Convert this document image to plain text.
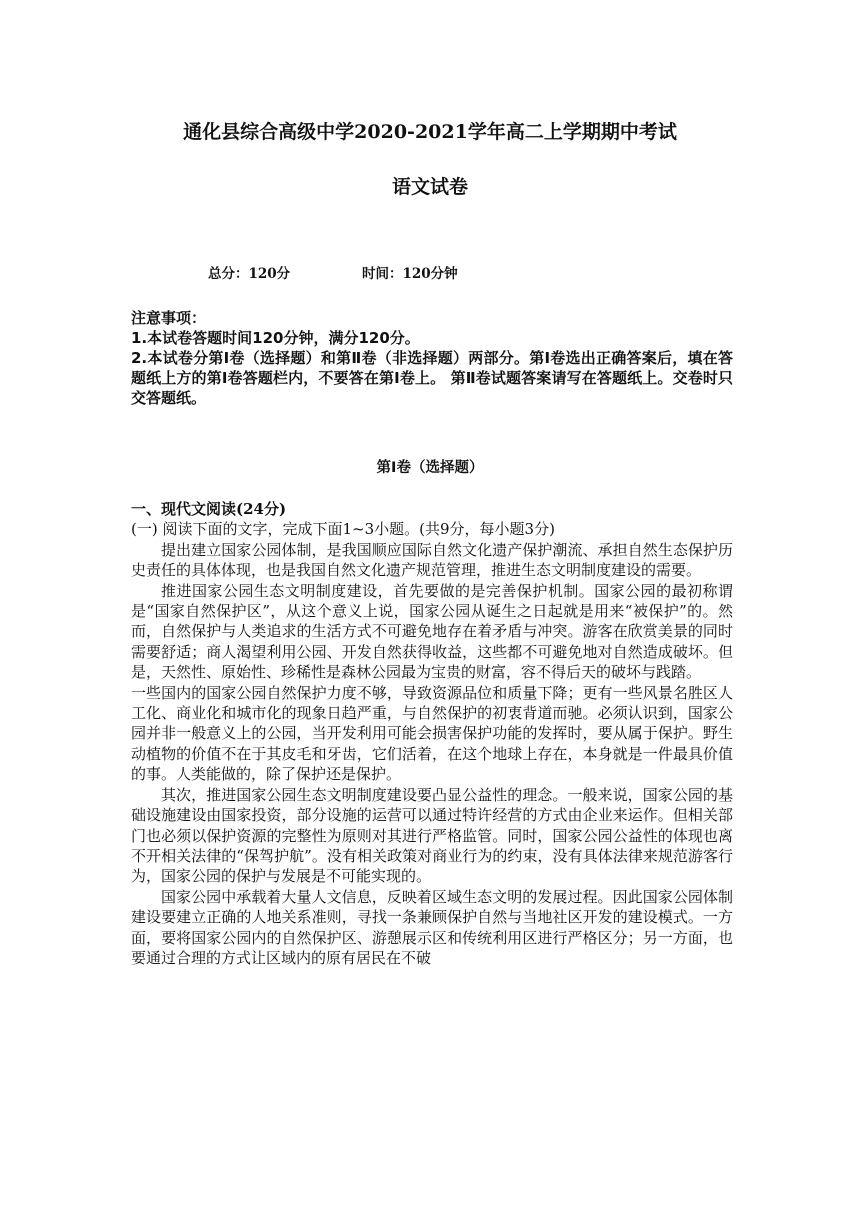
通化县综合高级中学2020-2021学年高二上学期期中考试
语文试卷
总分：120分	时间：120分钟

注意事项：

1.本试卷答题时间120分钟，满分120分。

2.本试卷分第Ⅰ卷（选择题）和第Ⅱ卷（非选择题）两部分。第Ⅰ卷选出正确答案后，填在答题纸上方的第Ⅰ卷答题栏内，不要答在第Ⅰ卷上。 第Ⅱ卷试题答案请写在答题纸上。交卷时只交答题纸。

第Ⅰ卷（选择题）

一、现代文阅读(24分)

(一) 阅读下面的文字，完成下面1~3小题。(共9分，每小题3分)

提出建立国家公园体制，是我国顺应国际自然文化遗产保护潮流、承担自然生态保护历史责任的具体体现，也是我国自然文化遗产规范管理，推进生态文明制度建设的需要。

推进国家公园生态文明制度建设，首先要做的是完善保护机制。国家公园的最初称谓是“国家自然保护区”，从这个意义上说，国家公园从诞生之日起就是用来“被保护”的。然而，自然保护与人类追求的生活方式不可避免地存在着矛盾与冲突。游客在欣赏美景的同时需要舒适；商人渴望利用公园、开发自然获得收益，这些都不可避免地对自然造成破坏。但是，天然性、原始性、珍稀性是森林公园最为宝贵的财富，容不得后天的破坏与践踏。

一些国内的国家公园自然保护力度不够，导致资源品位和质量下降；更有一些风景名胜区人工化、商业化和城市化的现象日趋严重，与自然保护的初衷背道而驰。必须认识到，国家公园并非一般意义上的公园，当开发利用可能会损害保护功能的发挥时，要从属于保护。野生动植物的价值不在于其皮毛和牙齿，它们活着，在这个地球上存在，本身就是一件最具价值的事。人类能做的，除了保护还是保护。

其次，推进国家公园生态文明制度建设要凸显公益性的理念。一般来说，国家公园的基础设施建设由国家投资，部分设施的运营可以通过特许经营的方式由企业来运作。但相关部门也必须以保护资源的完整性为原则对其进行严格监管。同时，国家公园公益性的体现也离不开相关法律的“保驾护航”。没有相关政策对商业行为的约束，没有具体法律来规范游客行为，国家公园的保护与发展是不可能实现的。

国家公园中承载着大量人文信息，反映着区域生态文明的发展过程。因此国家公园体制建设要建立正确的人地关系准则，寻找一条兼顾保护自然与当地社区开发的建设模式。一方面，要将国家公园内的自然保护区、游憩展示区和传统利用区进行严格区分；另一方面，也要通过合理的方式让区域内的原有居民在不破
